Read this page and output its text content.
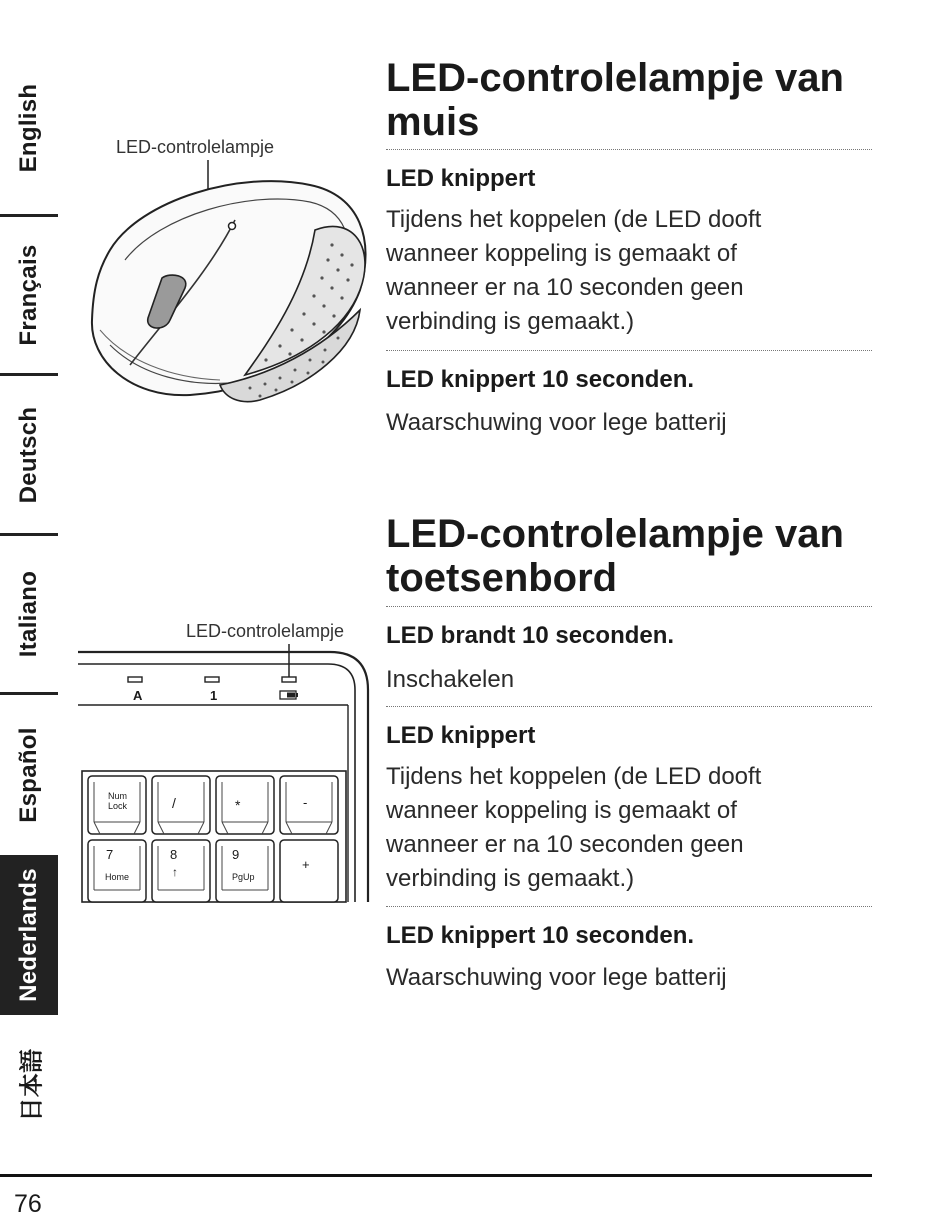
English
Français
Deutsch
Italiano
Español
Nederlands
日本語
LED-controlelampje
LED-controlelampje van
muis
LED knippert

Tijdens het koppelen (de LED dooft
wanneer koppeling is gemaakt of
wanneer er na 10 seconden geen
verbinding is gemaakt.)

LED knippert 10 seconden.

Waarschuwing voor lege batterij

LED-controlelampje van
toetsenbord
LED brandt 10 seconden.

Inschakelen

LED knippert

Tijdens het koppelen (de LED dooft
wanneer koppeling is gemaakt of
wanneer er na 10 seconden geen
verbinding is gemaakt.)

LED knippert 10 seconden.

Waarschuwing voor lege batterij

LED-controlelampje
A	1
Num
Lock	/	*	-
7
Home
8
↑
9
PgUp
+
76
